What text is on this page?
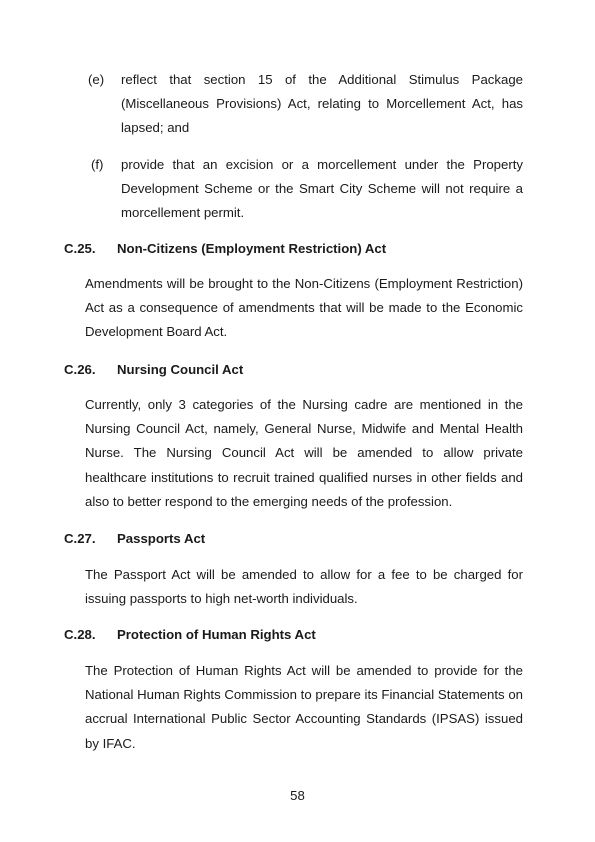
(e)	reflect that section 15 of the Additional Stimulus Package (Miscellaneous Provisions) Act, relating to Morcellement Act, has lapsed; and
(f)	provide that an excision or a morcellement under the Property Development Scheme or the Smart City Scheme will not require a morcellement permit.
C.25. Non-Citizens (Employment Restriction) Act
Amendments will be brought to the Non-Citizens (Employment Restriction) Act as a consequence of amendments that will be made to the Economic Development Board Act.
C.26. Nursing Council Act
Currently, only 3 categories of the Nursing cadre are mentioned in the Nursing Council Act, namely, General Nurse, Midwife and Mental Health Nurse. The Nursing Council Act will be amended to allow private healthcare institutions to recruit trained qualified nurses in other fields and also to better respond to the emerging needs of the profession.
C.27. Passports Act
The Passport Act will be amended to allow for a fee to be charged for issuing passports to high net-worth individuals.
C.28. Protection of Human Rights Act
The Protection of Human Rights Act will be amended to provide for the National Human Rights Commission to prepare its Financial Statements on accrual International Public Sector Accounting Standards (IPSAS) issued by IFAC.
58
